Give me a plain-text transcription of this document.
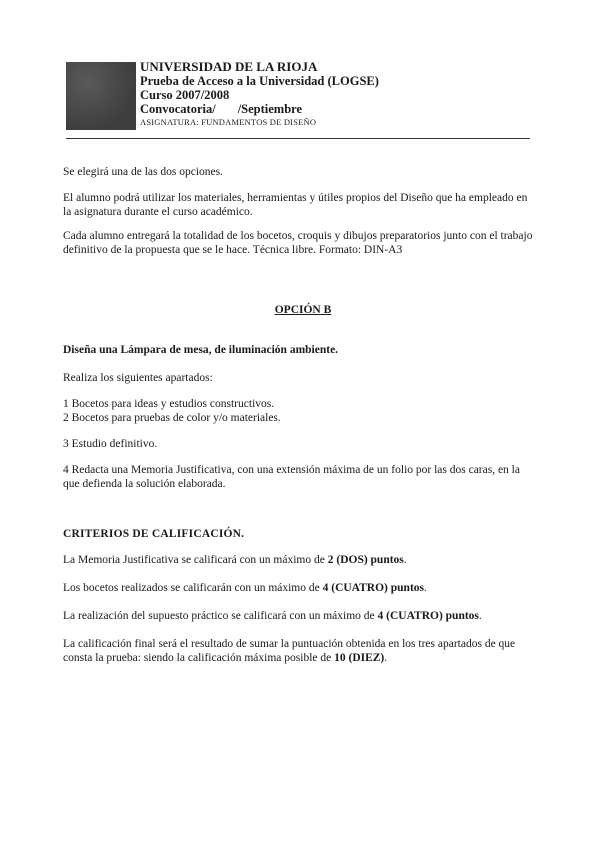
UNIVERSIDAD DE LA RIOJA
Prueba de Acceso a la Universidad (LOGSE)
Curso 2007/2008
Convocatoria/ /Septiembre
ASIGNATURA: FUNDAMENTOS DE DISEÑO

Se elegirá una de las dos opciones.

El alumno podrá utilizar los materiales, herramientas y útiles propios del Diseño que ha empleado en la asignatura durante el curso académico.

Cada alumno entregará la totalidad de los bocetos, croquis y dibujos preparatorios junto con el trabajo definitivo de la propuesta que se le hace. Técnica libre. Formato: DIN-A3

OPCIÓN B

Diseña una Lámpara de mesa, de iluminación ambiente.

Realiza los siguientes apartados:

1 Bocetos para ideas y estudios constructivos.

2 Bocetos para pruebas de color y/o materiales.

3 Estudio definitivo.

4 Redacta una Memoria Justificativa, con una extensión máxima de un folio por las dos caras, en la que defienda la solución elaborada.

CRITERIOS DE CALIFICACIÓN.

La Memoria Justificativa se calificará con un máximo de 2 (DOS) puntos.

Los bocetos realizados se calificarán con un máximo de 4 (CUATRO) puntos.

La realización del supuesto práctico se calificará con un máximo de 4 (CUATRO) puntos.

La calificación final será el resultado de sumar la puntuación obtenida en los tres apartados de que consta la prueba: siendo la calificación máxima posible de 10 (DIEZ).
